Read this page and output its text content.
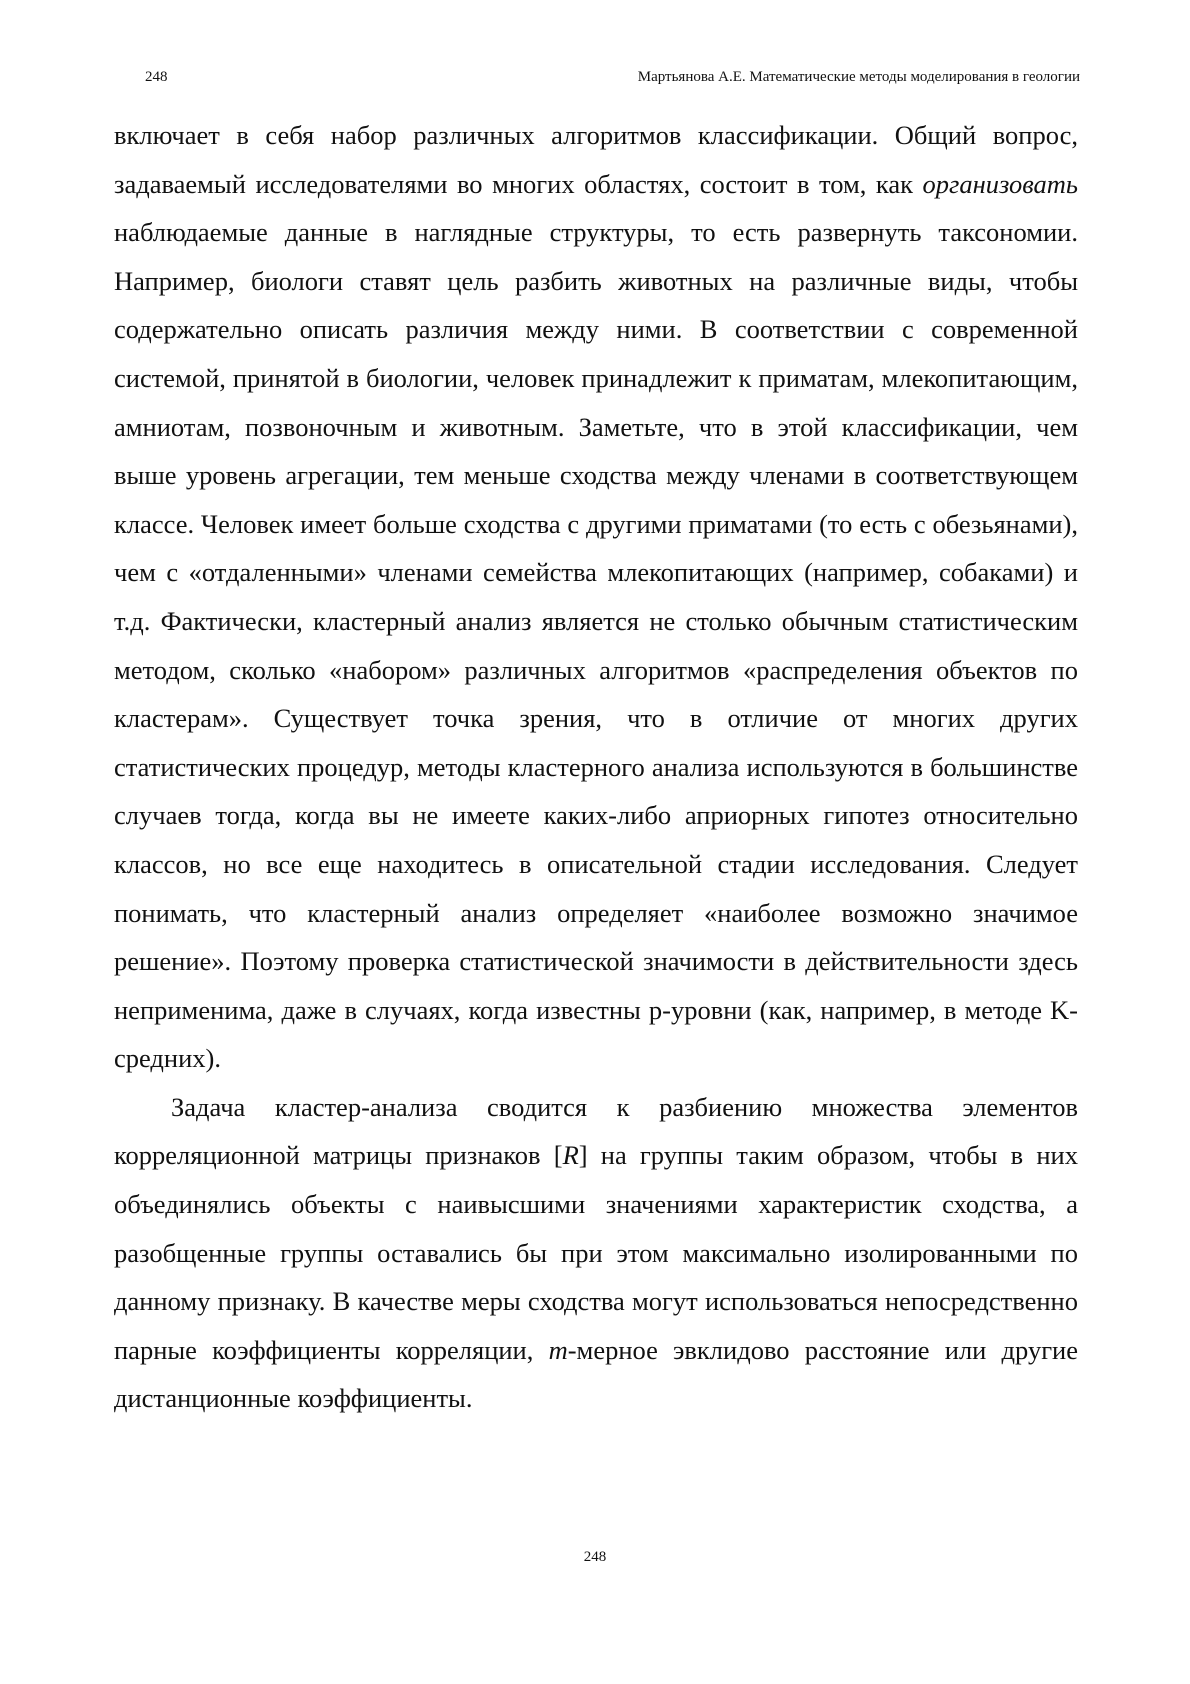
248	Мартьянова А.Е. Математические методы моделирования в геологии

включает в себя набор различных алгоритмов классификации. Общий вопрос, задаваемый исследователями во многих областях, состоит в том, как организовать наблюдаемые данные в наглядные структуры, то есть развернуть таксономии. Например, биологи ставят цель разбить животных на различные виды, чтобы содержательно описать различия между ними. В соответствии с современной системой, принятой в биологии, человек принадлежит к приматам, млекопитающим, амниотам, позвоночным и животным. Заметьте, что в этой классификации, чем выше уровень агрегации, тем меньше сходства между членами в соответствующем классе. Человек имеет больше сходства с другими приматами (то есть с обезьянами), чем с «отдаленными» членами семейства млекопитающих (например, собаками) и т.д. Фактически, кластерный анализ является не столько обычным статистическим методом, сколько «набором» различных алгоритмов «распределения объектов по кластерам». Существует точка зрения, что в отличие от многих других статистических процедур, методы кластерного анализа используются в большинстве случаев тогда, когда вы не имеете каких-либо априорных гипотез относительно классов, но все еще находитесь в описательной стадии исследования. Следует понимать, что кластерный анализ определяет «наиболее возможно значимое решение». Поэтому проверка статистической значимости в действительности здесь неприменима, даже в случаях, когда известны p-уровни (как, например, в методе K-средних).

Задача кластер-анализа сводится к разбиению множества элементов корреляционной матрицы признаков [R] на группы таким образом, чтобы в них объединялись объекты с наивысшими значениями характеристик сходства, а разобщенные группы оставались бы при этом максимально изолированными по данному признаку. В качестве меры сходства могут использоваться непосредственно парные коэффициенты корреляции, m-мерное эвклидово расстояние или другие дистанционные коэффициенты.

248
